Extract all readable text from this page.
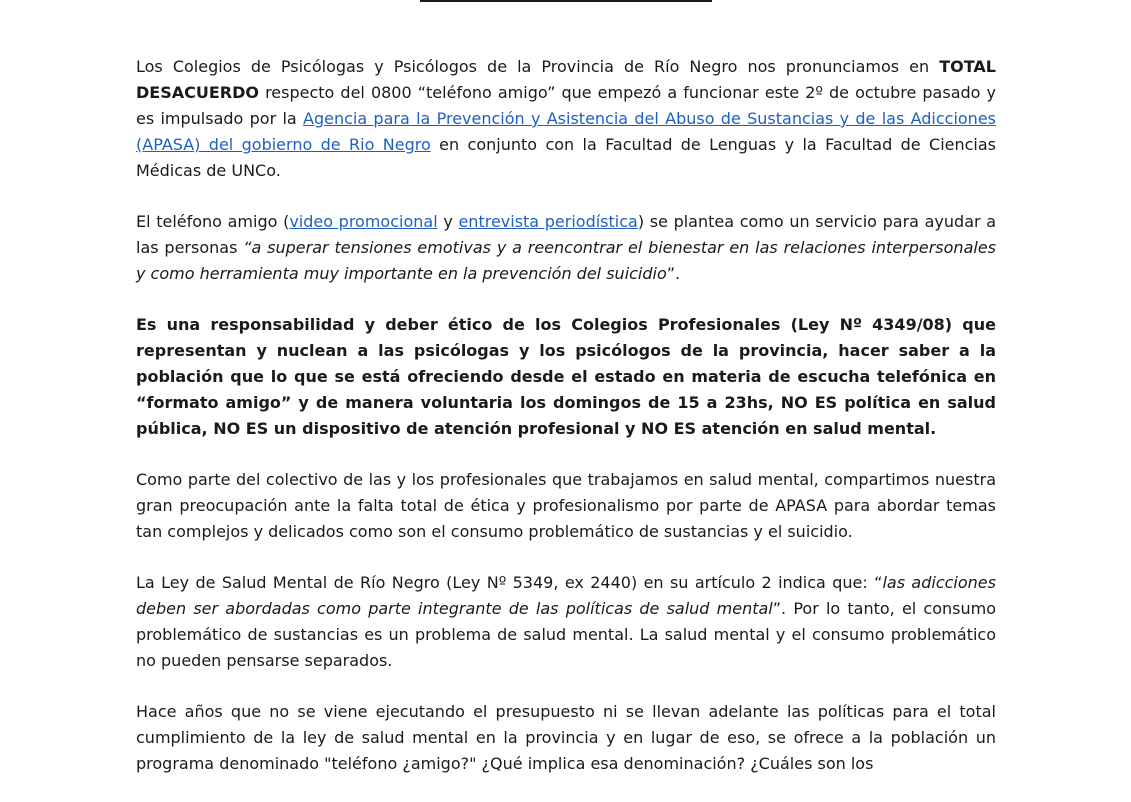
Los Colegios de Psicólogas y Psicólogos de la Provincia de Río Negro nos pronunciamos en TOTAL DESACUERDO respecto del 0800 “teléfono amigo” que empezó a funcionar este 2º de octubre pasado y es impulsado por la Agencia para la Prevención y Asistencia del Abuso de Sustancias y de las Adicciones (APASA) del gobierno de Rio Negro en conjunto con la Facultad de Lenguas y la Facultad de Ciencias Médicas de UNCo.

El teléfono amigo (video promocional y entrevista periodística) se plantea como un servicio para ayudar a las personas “a superar tensiones emotivas y a reencontrar el bienestar en las relaciones interpersonales y como herramienta muy importante en la prevención del suicidio”.

Es una responsabilidad y deber ético de los Colegios Profesionales (Ley Nº 4349/08) que representan y nuclean a las psicólogas y los psicólogos de la provincia, hacer saber a la población que lo que se está ofreciendo desde el estado en materia de escucha telefónica en “formato amigo” y de manera voluntaria los domingos de 15 a 23hs, NO ES política en salud pública, NO ES un dispositivo de atención profesional y NO ES atención en salud mental.

Como parte del colectivo de las y los profesionales que trabajamos en salud mental, compartimos nuestra gran preocupación ante la falta total de ética y profesionalismo por parte de APASA para abordar temas tan complejos y delicados como son el consumo problemático de sustancias y el suicidio.

La Ley de Salud Mental de Río Negro (Ley Nº 5349, ex 2440) en su artículo 2 indica que: “las adicciones deben ser abordadas como parte integrante de las políticas de salud mental”. Por lo tanto, el consumo problemático de sustancias es un problema de salud mental. La salud mental y el consumo problemático no pueden pensarse separados.

Hace años que no se viene ejecutando el presupuesto ni se llevan adelante las políticas para el total cumplimiento de la ley de salud mental en la provincia y en lugar de eso, se ofrece a la población un programa denominado "teléfono ¿amigo?" ¿Qué implica esa denominación? ¿Cuáles son los
